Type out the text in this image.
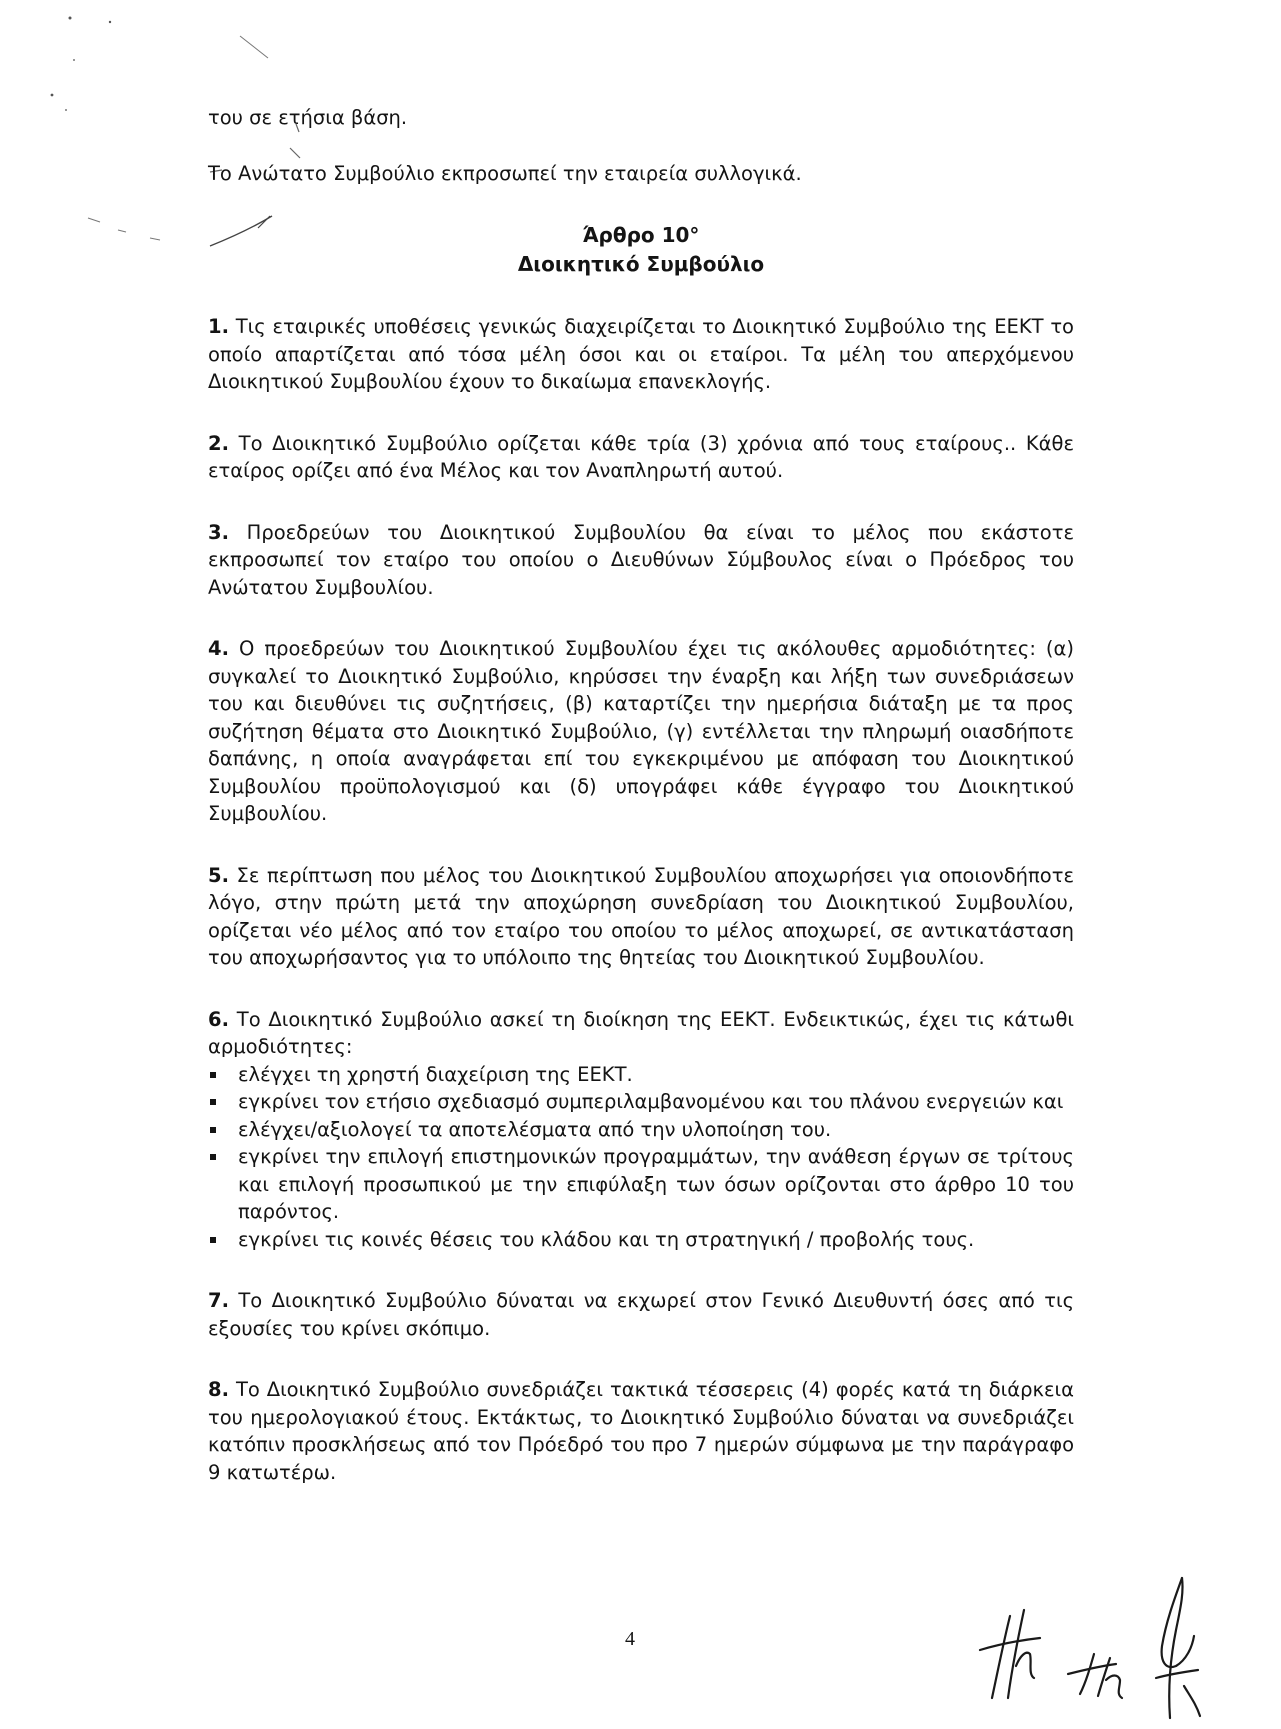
του σε ετήσια βάση.

Το Ανώτατο Συμβούλιο εκπροσωπεί την εταιρεία συλλογικά.

Άρθρο 10°
Διοικητικό Συμβούλιο

1. Τις εταιρικές υποθέσεις γενικώς διαχειρίζεται το Διοικητικό Συμβούλιο της ΕΕΚΤ το οποίο απαρτίζεται από τόσα μέλη όσοι και οι εταίροι. Τα μέλη του απερχόμενου Διοικητικού Συμβουλίου έχουν το δικαίωμα επανεκλογής.

2. Το Διοικητικό Συμβούλιο ορίζεται κάθε τρία (3) χρόνια από τους εταίρους.. Κάθε εταίρος ορίζει από ένα Μέλος και τον Αναπληρωτή αυτού.

3. Προεδρεύων του Διοικητικού Συμβουλίου θα είναι το μέλος που εκάστοτε εκπροσωπεί τον εταίρο του οποίου ο Διευθύνων Σύμβουλος είναι ο Πρόεδρος του Ανώτατου Συμβουλίου.

4. Ο προεδρεύων του Διοικητικού Συμβουλίου έχει τις ακόλουθες αρμοδιότητες: (α) συγκαλεί το Διοικητικό Συμβούλιο, κηρύσσει την έναρξη και λήξη των συνεδριάσεων του και διευθύνει τις συζητήσεις, (β) καταρτίζει την ημερήσια διάταξη με τα προς συζήτηση θέματα στο Διοικητικό Συμβούλιο, (γ) εντέλλεται την πληρωμή οιασδήποτε δαπάνης, η οποία αναγράφεται επί του εγκεκριμένου με απόφαση του Διοικητικού Συμβουλίου προϋπολογισμού και (δ) υπογράφει κάθε έγγραφο του Διοικητικού Συμβουλίου.

5. Σε περίπτωση που μέλος του Διοικητικού Συμβουλίου αποχωρήσει για οποιονδήποτε λόγο, στην πρώτη μετά την αποχώρηση συνεδρίαση του Διοικητικού Συμβουλίου, ορίζεται νέο μέλος από τον εταίρο του οποίου το μέλος αποχωρεί, σε αντικατάσταση του αποχωρήσαντος για το υπόλοιπο της θητείας του Διοικητικού Συμβουλίου.

6. Το Διοικητικό Συμβούλιο ασκεί τη διοίκηση της ΕΕΚΤ. Ενδεικτικώς, έχει τις κάτωθι αρμοδιότητες:

ελέγχει τη χρηστή διαχείριση της ΕΕΚΤ.
εγκρίνει τον ετήσιο σχεδιασμό συμπεριλαμβανομένου και του πλάνου ενεργειών και
ελέγχει/αξιολογεί τα αποτελέσματα από την υλοποίηση του.
εγκρίνει την επιλογή επιστημονικών προγραμμάτων, την ανάθεση έργων σε τρίτους και επιλογή προσωπικού με την επιφύλαξη των όσων ορίζονται στο άρθρο 10 του παρόντος.
εγκρίνει τις κοινές θέσεις του κλάδου και τη στρατηγική / προβολής τους.

7. Το Διοικητικό Συμβούλιο δύναται να εκχωρεί στον Γενικό Διευθυντή όσες από τις εξουσίες του κρίνει σκόπιμο.

8. Το Διοικητικό Συμβούλιο συνεδριάζει τακτικά τέσσερεις (4) φορές κατά τη διάρκεια του ημερολογιακού έτους. Εκτάκτως, το Διοικητικό Συμβούλιο δύναται να συνεδριάζει κατόπιν προσκλήσεως από τον Πρόεδρό του προ 7 ημερών σύμφωνα με την παράγραφο 9 κατωτέρω.

4
